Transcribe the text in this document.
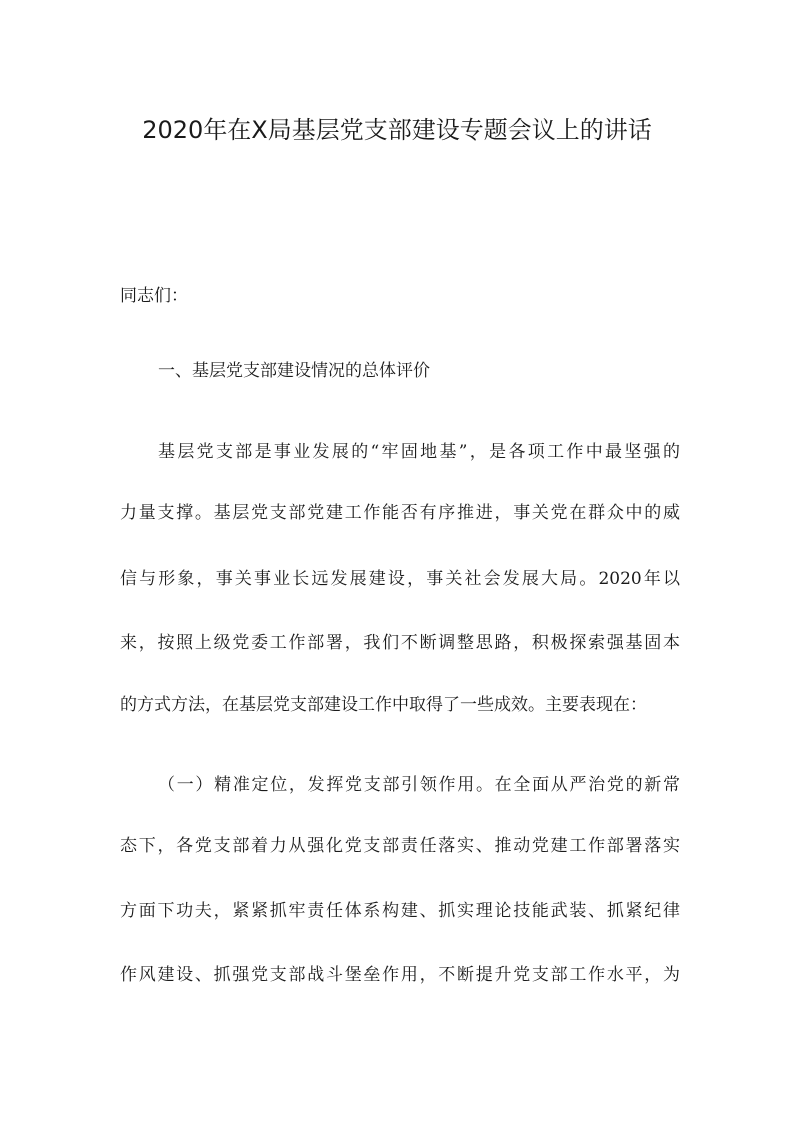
2020年在X局基层党支部建设专题会议上的讲话

同志们：

一、基层党支部建设情况的总体评价

基层党支部是事业发展的“牢固地基”，是各项工作中最坚强的

力量支撑。基层党支部党建工作能否有序推进，事关党在群众中的威

信与形象，事关事业长远发展建设，事关社会发展大局。2020年以

来，按照上级党委工作部署，我们不断调整思路，积极探索强基固本

的方式方法，在基层党支部建设工作中取得了一些成效。主要表现在：

（一）精准定位，发挥党支部引领作用。在全面从严治党的新常

态下，各党支部着力从强化党支部责任落实、推动党建工作部署落实

方面下功夫，紧紧抓牢责任体系构建、抓实理论技能武装、抓紧纪律

作风建设、抓强党支部战斗堡垒作用，不断提升党支部工作水平，为
